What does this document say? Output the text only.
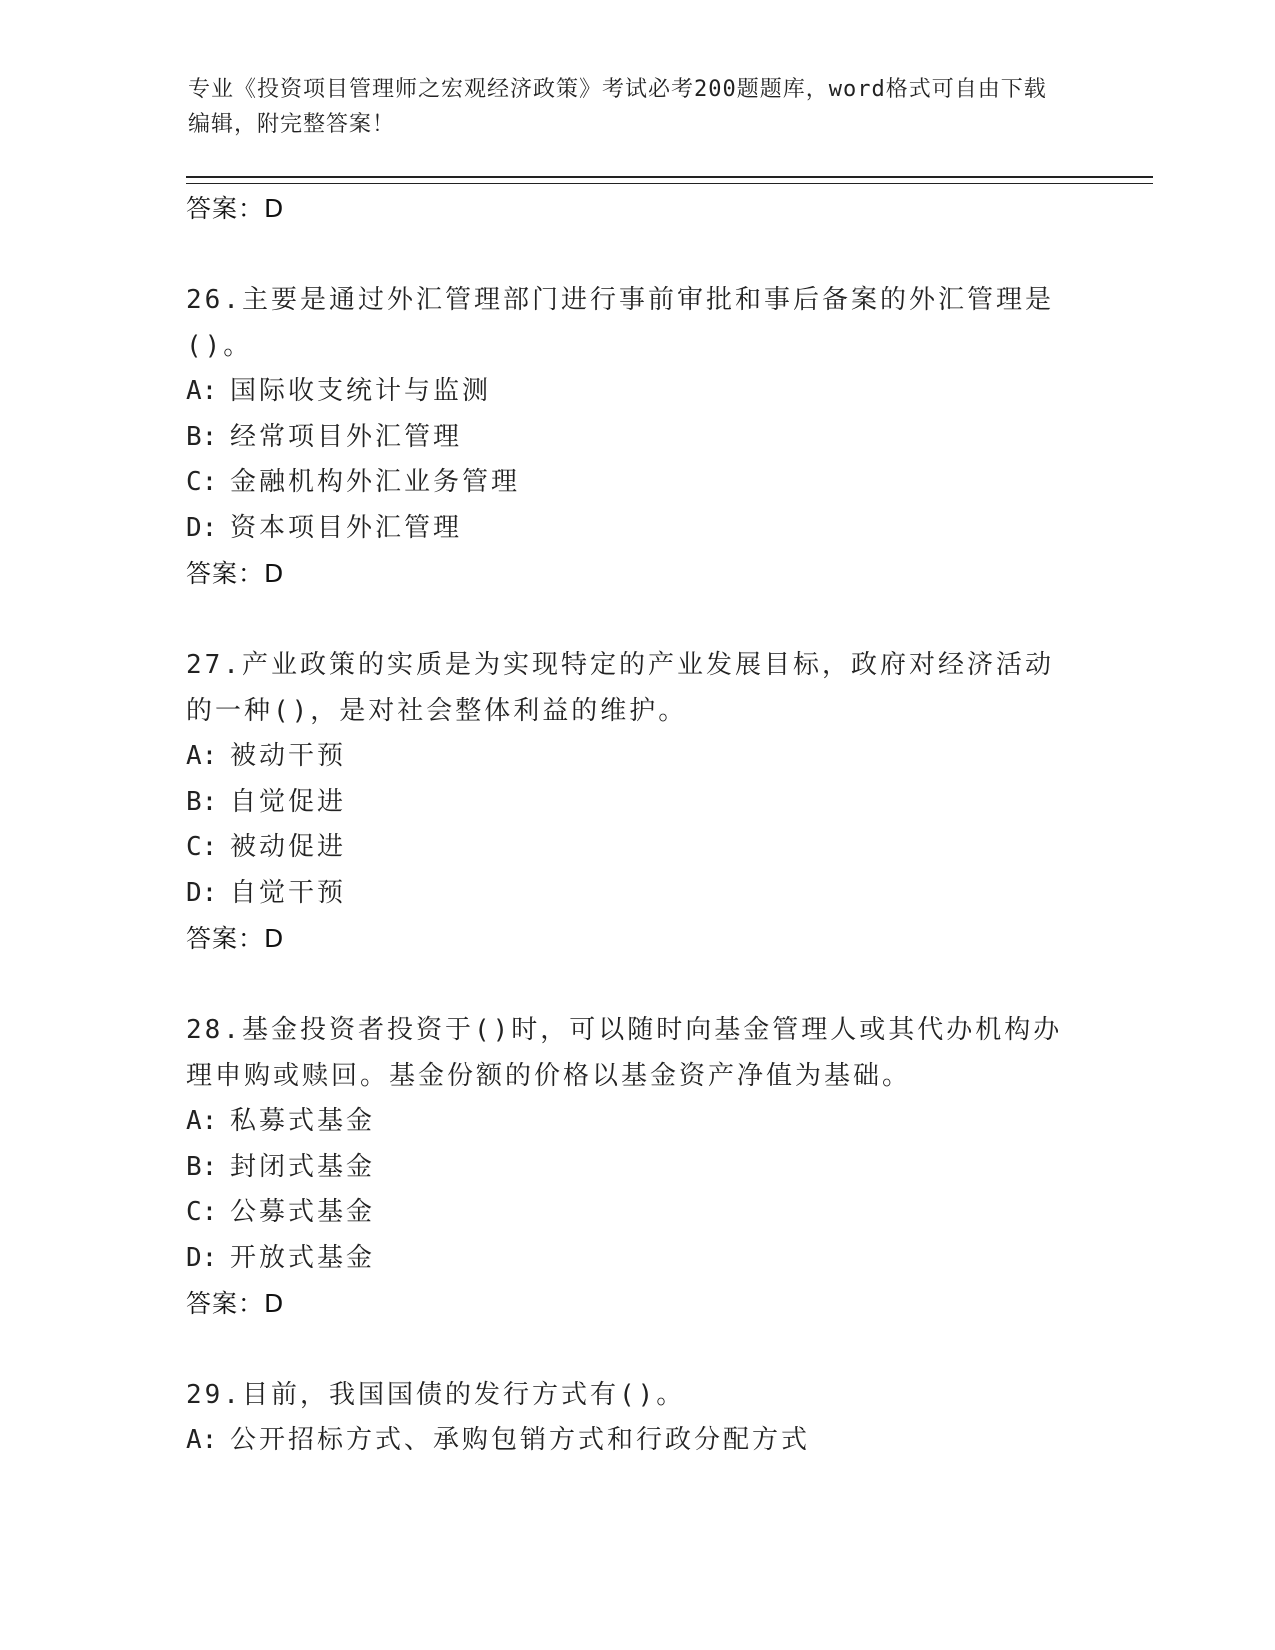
专业《投资项目管理师之宏观经济政策》考试必考200题题库，word格式可自由下载编辑，附完整答案！
答案：D
26.主要是通过外汇管理部门进行事前审批和事后备案的外汇管理是()。
A: 国际收支统计与监测
B: 经常项目外汇管理
C: 金融机构外汇业务管理
D: 资本项目外汇管理
答案：D
27.产业政策的实质是为实现特定的产业发展目标，政府对经济活动的一种()，是对社会整体利益的维护。
A: 被动干预
B: 自觉促进
C: 被动促进
D: 自觉干预
答案：D
28.基金投资者投资于()时，可以随时向基金管理人或其代办机构办理申购或赎回。基金份额的价格以基金资产净值为基础。
A: 私募式基金
B: 封闭式基金
C: 公募式基金
D: 开放式基金
答案：D
29.目前，我国国债的发行方式有()。
A: 公开招标方式、承购包销方式和行政分配方式
